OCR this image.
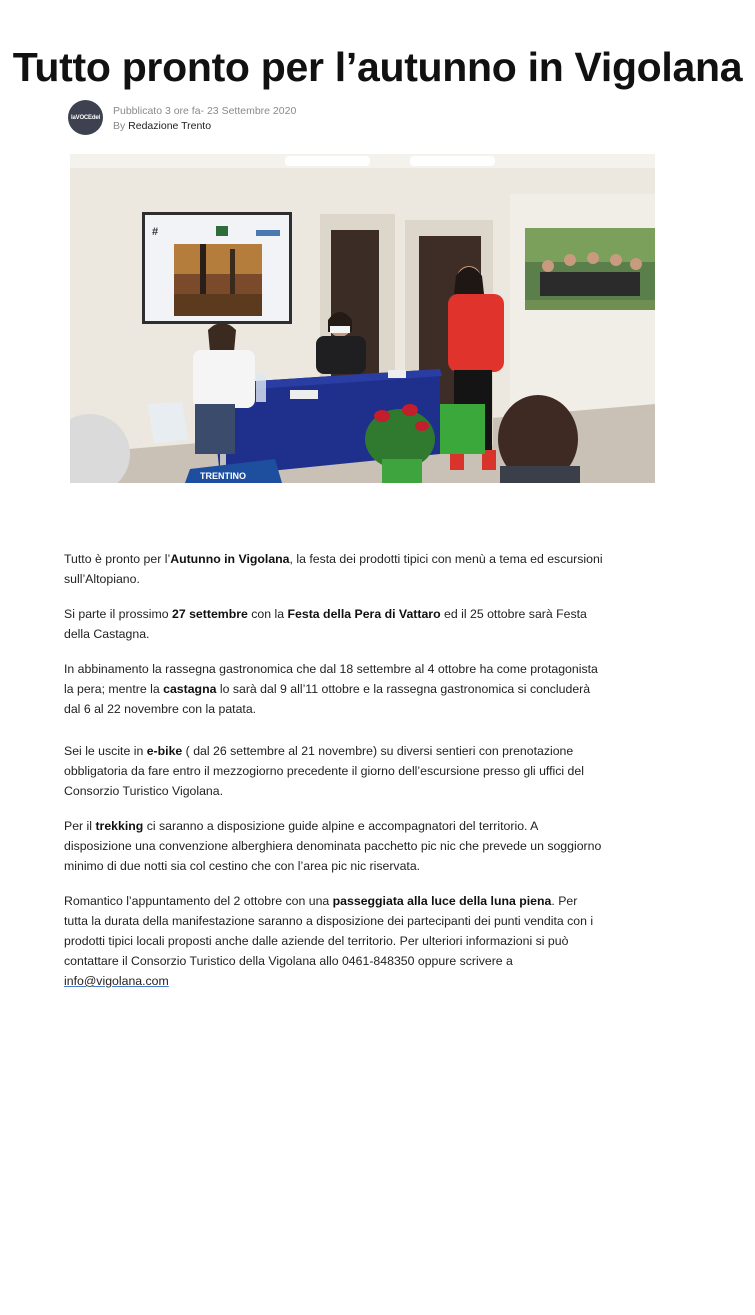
Tutto pronto per l’autunno in Vigolana
laVOCEdel
Pubblicato 3 ore fa- 23 Settembre 2020
By Redazione Trento
#
TRENTINO

Tutto è pronto per l’Autunno in Vigolana, la festa dei prodotti tipici con menù a tema ed escursioni sull’Altopiano.

Si parte il prossimo 27 settembre con la Festa della Pera di Vattaro ed il 25 ottobre sarà Festa della Castagna.

In abbinamento la rassegna gastronomica che dal 18 settembre al 4 ottobre ha come protagonista la pera; mentre la castagna lo sarà dal 9 all’11 ottobre e la rassegna gastronomica si concluderà dal 6 al 22 novembre con la patata.

Sei le uscite in e-bike ( dal 26 settembre al 21 novembre) su diversi sentieri con prenotazione obbligatoria da fare entro il mezzogiorno precedente il giorno dell’escursione presso gli uffici del Consorzio Turistico Vigolana.

Per il trekking ci saranno a disposizione guide alpine e accompagnatori del territorio. A disposizione una convenzione alberghiera denominata pacchetto pic nic che prevede un soggiorno minimo di due notti sia col cestino che con l’area pic nic riservata.

Romantico l’appuntamento del 2 ottobre con una passeggiata alla luce della luna piena. Per tutta la durata della manifestazione saranno a disposizione dei partecipanti dei punti vendita con i prodotti tipici locali proposti anche dalle aziende del territorio. Per ulteriori informazioni si può contattare il Consorzio Turistico della Vigolana allo 0461-848350 oppure scrivere a info@vigolana.com
